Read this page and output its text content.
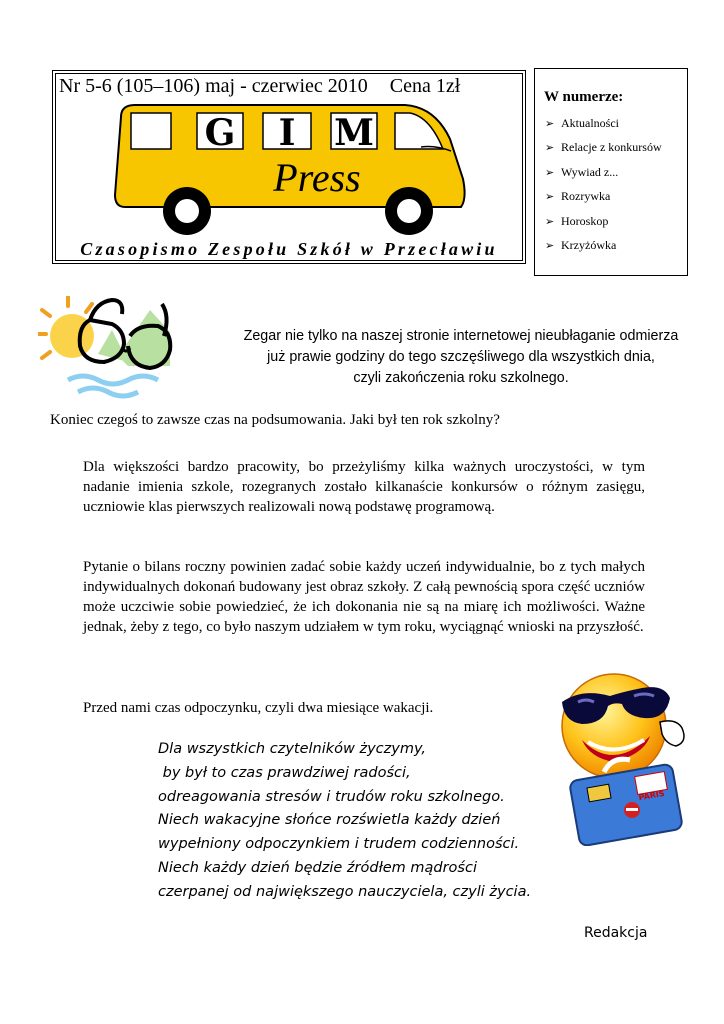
Nr 5-6 (105–106) maj - czerwiec 2010 Cena 1zł
G I M
Press
Czasopismo Zespołu Szkół w Przecławiu
W numerze:
➢ Aktualności
➢ Relacje z konkursów
➢ Wywiad z...
➢ Rozrywka
➢ Horoskop
➢ Krzyżówka
Zegar nie tylko na naszej stronie internetowej nieubłaganie odmierza
już prawie godziny do tego szczęśliwego dla wszystkich dnia,
czyli zakończenia roku szkolnego.
Koniec czegoś to zawsze czas na podsumowania. Jaki był ten rok szkolny?
Dla większości bardzo pracowity, bo przeżyliśmy kilka ważnych uroczystości, w tym nadanie imienia szkole, rozegranych zostało kilkanaście konkursów o różnym zasięgu, uczniowie klas pierwszych realizowali nową podstawę programową.
Pytanie o bilans roczny powinien zadać sobie każdy uczeń indywidualnie, bo z tych małych indywidualnych dokonań budowany jest obraz szkoły. Z całą pewnością spora część uczniów może uczciwie sobie powiedzieć, że ich dokonania nie są na miarę ich możliwości. Ważne jednak, żeby z tego, co było naszym udziałem w tym roku, wyciągnąć wnioski na przyszłość.
Przed nami czas odpoczynku, czyli dwa miesiące wakacji.
Dla wszystkich czytelników życzymy,
by był to czas prawdziwej radości,
odreagowania stresów i trudów roku szkolnego.
Niech wakacyjne słońce rozświetla każdy dzień
wypełniony odpoczynkiem i trudem codzienności.
Niech każdy dzień będzie źródłem mądrości
czerpanej od największego nauczyciela, czyli życia.
PARIS
Redakcja
